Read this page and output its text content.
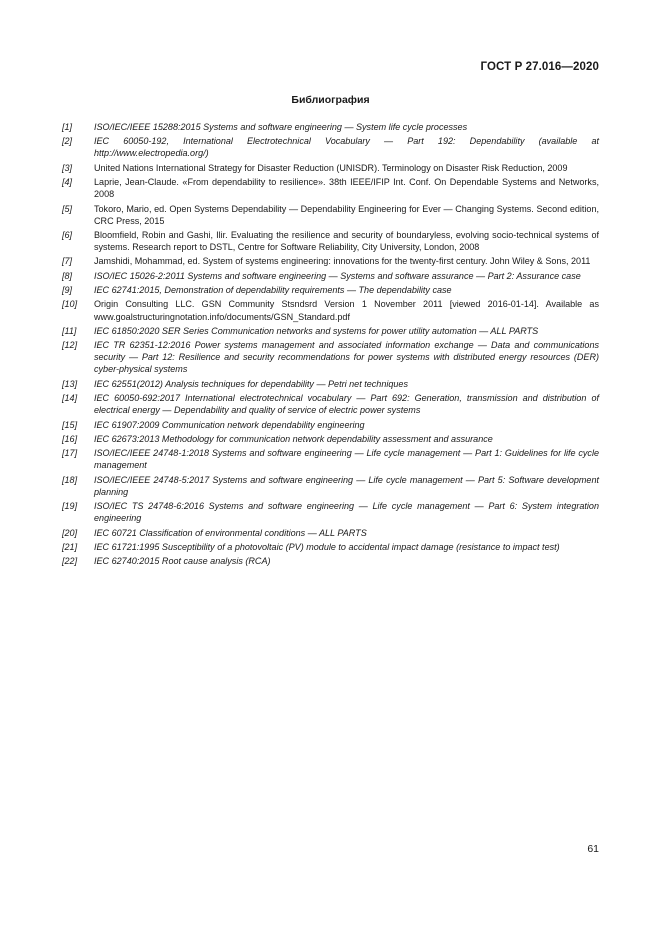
ГОСТ Р 27.016—2020
Библиография
[1]	ISO/IEC/IEEE 15288:2015 Systems and software engineering — System life cycle processes
[2]	IEC 60050-192, International Electrotechnical Vocabulary — Part 192: Dependability (available at http://www.electropedia.org/)
[3]	United Nations International Strategy for Disaster Reduction (UNISDR). Terminology on Disaster Risk Reduction, 2009
[4]	Laprie, Jean-Claude. «From dependability to resilience». 38th IEEE/IFIP Int. Conf. On Dependable Systems and Networks, 2008
[5]	Tokoro, Mario, ed. Open Systems Dependability — Dependability Engineering for Ever — Changing Systems. Second edition, CRC Press, 2015
[6]	Bloomfield, Robin and Gashi, Ilir. Evaluating the resilience and security of boundaryless, evolving socio-technical systems of systems. Research report to DSTL, Centre for Software Reliability, City University, London, 2008
[7]	Jamshidi, Mohammad, ed. System of systems engineering: innovations for the twenty-first century. John Wiley & Sons, 2011
[8]	ISO/IEC 15026-2:2011 Systems and software engineering — Systems and software assurance — Part 2: Assurance case
[9]	IEC 62741:2015, Demonstration of dependability requirements — The dependability case
[10]	Origin Consulting LLC. GSN Community Stsndsrd Version 1 November 2011 [viewed 2016-01-14]. Available as www.goalstructuringnotation.info/documents/GSN_Standard.pdf
[11]	IEC 61850:2020 SER Series Communication networks and systems for power utility automation — ALL PARTS
[12]	IEC TR 62351-12:2016 Power systems management and associated information exchange — Data and communications security — Part 12: Resilience and security recommendations for power systems with distributed energy resources (DER) cyber-physical systems
[13]	IEC 62551(2012) Analysis techniques for dependability — Petri net techniques
[14]	IEC 60050-692:2017 International electrotechnical vocabulary — Part 692: Generation, transmission and distribution of electrical energy — Dependability and quality of service of electric power systems
[15]	IEC 61907:2009 Communication network dependability engineering
[16]	IEC 62673:2013 Methodology for communication network dependability assessment and assurance
[17]	ISO/IEC/IEEE 24748-1:2018 Systems and software engineering — Life cycle management — Part 1: Guidelines for life cycle management
[18]	ISO/IEC/IEEE 24748-5:2017 Systems and software engineering — Life cycle management — Part 5: Software development planning
[19]	ISO/IEC TS 24748-6:2016 Systems and software engineering — Life cycle management — Part 6: System integration engineering
[20]	IEC 60721 Classification of environmental conditions — ALL PARTS
[21]	IEC 61721:1995 Susceptibility of a photovoltaic (PV) module to accidental impact damage (resistance to impact test)
[22]	IEC 62740:2015 Root cause analysis (RCA)
61
